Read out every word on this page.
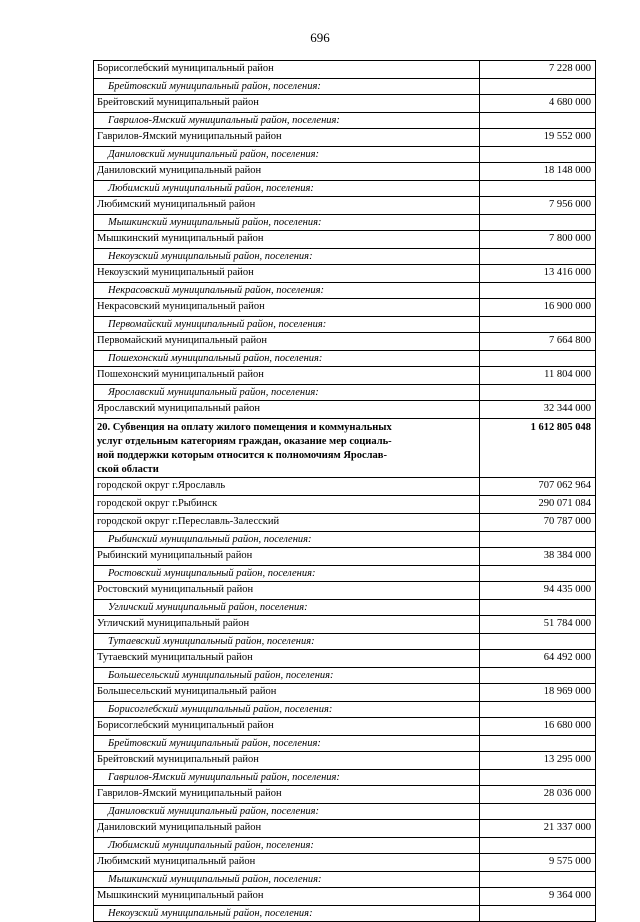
696
Борисоглебский муниципальный район	7 228 000
Брейтовский муниципальный район, поселения:	
Брейтовский муниципальный район	4 680 000
Гаврилов-Ямский муниципальный район, поселения:	
Гаврилов-Ямский муниципальный район	19 552 000
Даниловский муниципальный район, поселения:	
Даниловский муниципальный район	18 148 000
Любимский муниципальный район, поселения:	
Любимский муниципальный район	7 956 000
Мышкинский муниципальный район, поселения:	
Мышкинский муниципальный район	7 800 000
Некоузский муниципальный район, поселения:	
Некоузский муниципальный район	13 416 000
Некрасовский муниципальный район, поселения:	
Некрасовский муниципальный район	16 900 000
Первомайский муниципальный район, поселения:	
Первомайский муниципальный район	7 664 800
Пошехонский муниципальный район, поселения:	
Пошехонский муниципальный район	11 804 000
Ярославский муниципальный район, поселения:	
Ярославский муниципальный район	32 344 000

20. Субвенция на оплату жилого помещения и коммунальных
услуг отдельным категориям граждан, оказание мер социаль-
ной поддержки которым относится к полномочиям Ярослав-
ской области	1 612 805 048
городской округ г.Ярославль	707 062 964
городской округ г.Рыбинск	290 071 084
городской округ г.Переславль-Залесский	70 787 000
Рыбинский муниципальный район, поселения:	
Рыбинский муниципальный район	38 384 000
Ростовский муниципальный район, поселения:	
Ростовский муниципальный район	94 435 000
Угличский муниципальный район, поселения:	
Угличский муниципальный район	51 784 000
Тутаевский муниципальный район, поселения:	
Тутаевский муниципальный район	64 492 000
Большесельский муниципальный район, поселения:	
Большесельский муниципальный район	18 969 000
Борисоглебский муниципальный район, поселения:	
Борисоглебский муниципальный район	16 680 000
Брейтовский муниципальный район, поселения:	
Брейтовский муниципальный район	13 295 000
Гаврилов-Ямский муниципальный район, поселения:	
Гаврилов-Ямский муниципальный район	28 036 000
Даниловский муниципальный район, поселения:	
Даниловский муниципальный район	21 337 000
Любимский муниципальный район, поселения:	
Любимский муниципальный район	9 575 000
Мышкинский муниципальный район, поселения:	
Мышкинский муниципальный район	9 364 000
Некоузский муниципальный район, поселения:	
